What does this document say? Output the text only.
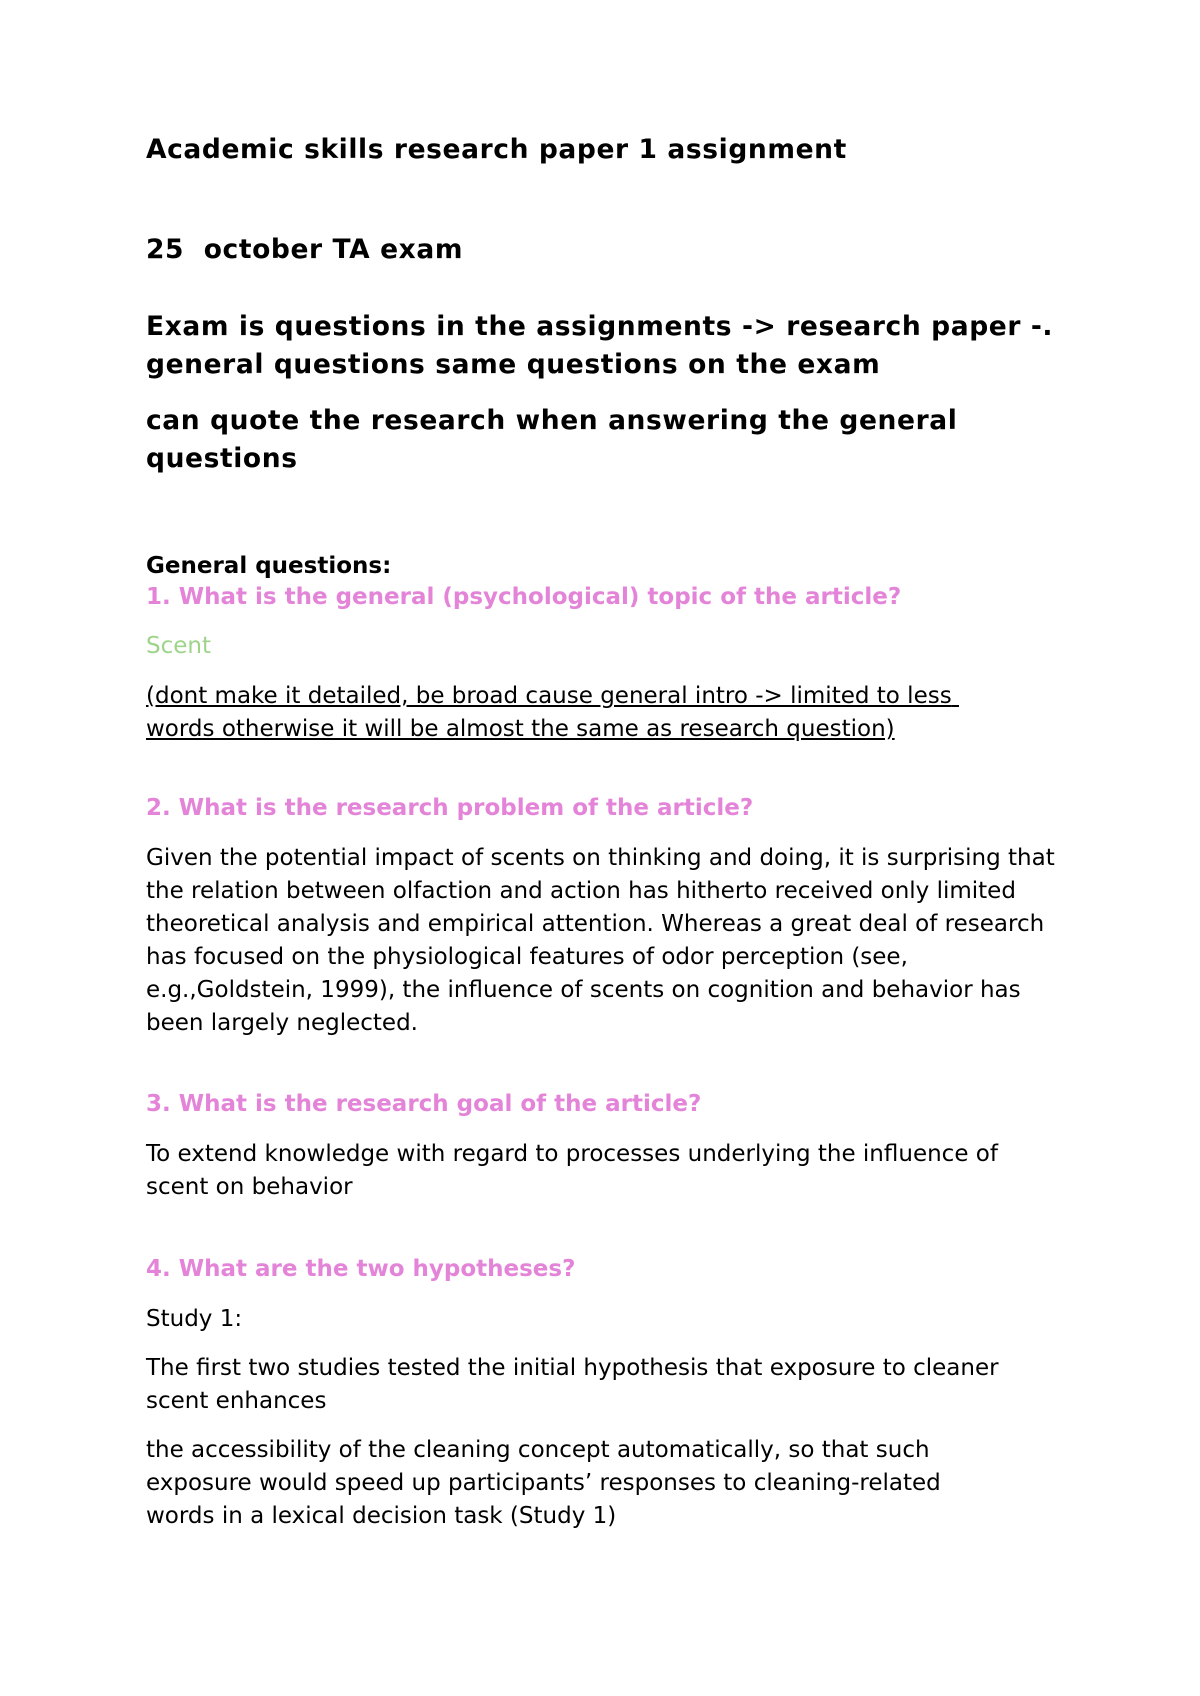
Academic skills research paper 1 assignment

25  october TA exam

Exam is questions in the assignments -> research paper -. general questions same questions on the exam

can quote the research when answering the general questions

General questions:

1. What is the general (psychological) topic of the article?

Scent

(dont make it detailed, be broad cause general intro -> limited to less words otherwise it will be almost the same as research question)

2. What is the research problem of the article?

Given the potential impact of scents on thinking and doing, it is surprising that the relation between olfaction and action has hitherto received only limited theoretical analysis and empirical attention. Whereas a great deal of research has focused on the physiological features of odor perception (see, e.g.,Goldstein, 1999), the influence of scents on cognition and behavior has been largely neglected.

3. What is the research goal of the article?

To extend knowledge with regard to processes underlying the influence of scent on behavior

4. What are the two hypotheses?

Study 1:

The first two studies tested the initial hypothesis that exposure to cleaner scent enhances

the accessibility of the cleaning concept automatically, so that such exposure would speed up participants’ responses to cleaning-related words in a lexical decision task (Study 1)
